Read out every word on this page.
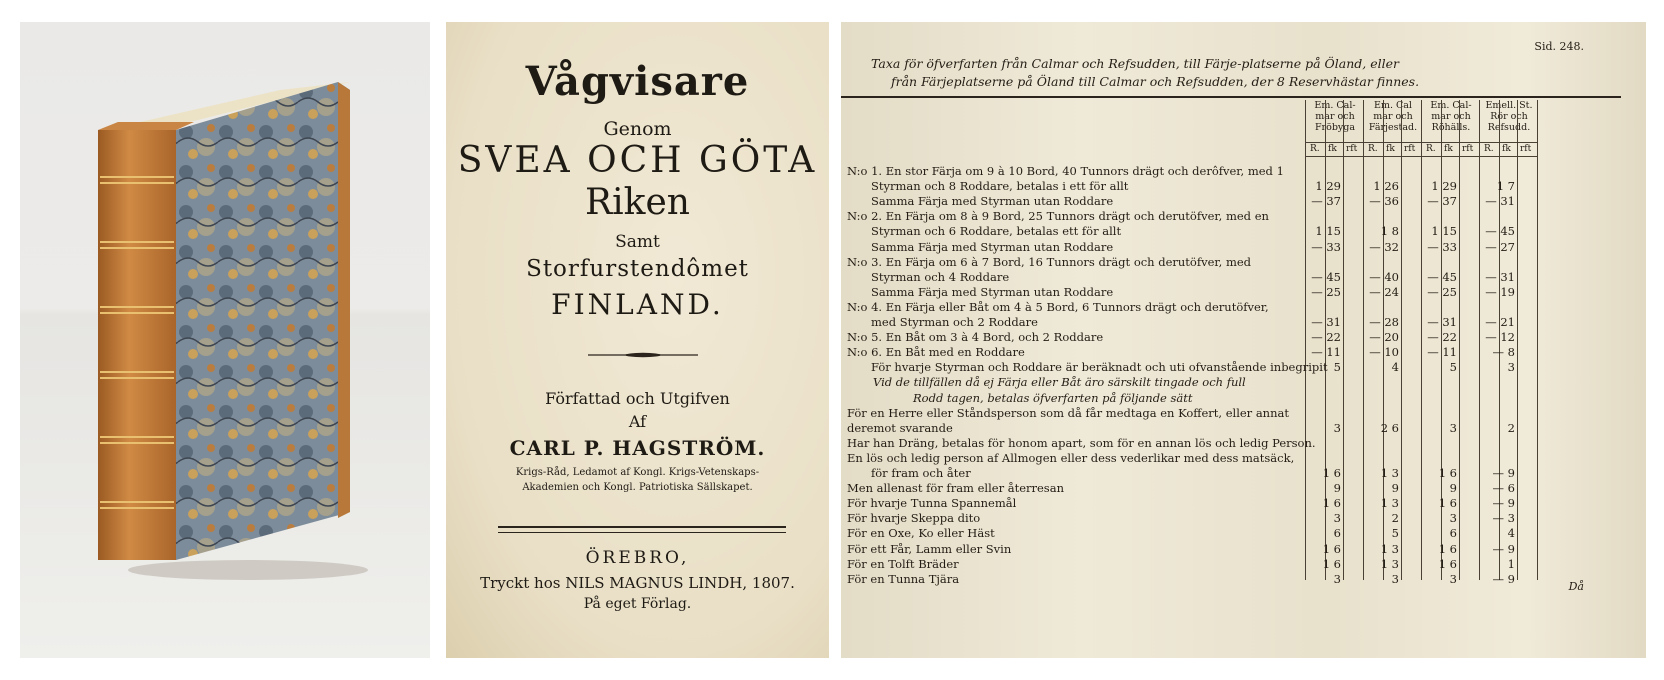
Vågvisare

Genom

SVEA OCH GÖTA

Riken

Samt

Storfurstendômet

FINLAND.

Författad och Utgifven

Af

CARL P. HAGSTRÖM.

Krigs-Råd, Ledamot af Kongl. Krigs-Vetenskaps-

Akademien och Kongl. Patriotiska Sällskapet.

ÖREBRO,

Tryckt hos NILS MAGNUS LINDH, 1807.

På eget Förlag.

Sid. 248.

Taxa för öfverfarten från Calmar och Refsudden, till Färje-platserne på Öland, eller

från Färjeplatserne på Öland till Calmar och Refsudden, der 8 Reservhästar finnes.

Em. Cal-
mar och
Fröbyga
R. fk rft
Em. Cal
mar och
Färjestad.
R. fk rft
Em. Cal-
mar och
Röhälls.
R. fk rft
Emell. St.
Rör och
Refsudd.
R. fk rft
N:o 1. En stor Färja om 9 à 10 Bord, 40 Tunnors drägt och derôfver, med 1
Styrman och 8 Roddare, betalas i ett för allt	1 29	1 26	1 29	1 7
Samma Färja med Styrman utan Roddare	— 37	— 36	— 37	— 31
N:o 2. En Färja om 8 à 9 Bord, 25 Tunnors drägt och derutöfver, med en
Styrman och 6 Roddare, betalas ett för allt	1 15	1 8	1 15	— 45
Samma Färja med Styrman utan Roddare	— 33	— 32	— 33	— 27
N:o 3. En Färja om 6 à 7 Bord, 16 Tunnors drägt och derutöfver, med
Styrman och 4 Roddare	— 45	— 40	— 45	— 31
Samma Färja med Styrman utan Roddare	— 25	— 24	— 25	— 19
N:o 4. En Färja eller Båt om 4 à 5 Bord, 6 Tunnors drägt och derutöfver,
med Styrman och 2 Roddare	— 31	— 28	— 31	— 21
N:o 5. En Båt om 3 à 4 Bord, och 2 Roddare	— 22	— 20	— 22	— 12
N:o 6. En Båt med en Roddare	— 11	— 10	— 11	— 8
För hvarje Styrman och Roddare är beräknadt och uti ofvanstående inbegripit 5	4	5	3
Vid de tillfällen då ej Färja eller Båt äro särskilt tingade och full
Rodd tagen, betalas öfverfarten på följande sätt
För en Herre eller Ståndsperson som då får medtaga en Koffert, eller annat
deremot svarande	3	2 6	3	2
Har han Dräng, betalas för honom apart, som för en annan lös och ledig Person.
En lös och ledig person af Allmogen eller dess vederlikar med dess matsäck,
för fram och åter	1 6	1 3	1 6	— 9
Men allenast för fram eller återresan	9	9	9	— 6
För hvarje Tunna Spannemål	1 6	1 3	1 6	— 9
För hvarje Skeppa dito	3	2	3	— 3
För en Oxe, Ko eller Häst	6	5	6	4
För ett Får, Lamm eller Svin	1 6	1 3	1 6	— 9
För en Tolft Bräder	1 6	1 3	1 6	1
För en Tunna Tjära	3	3	3	— 9

Då
